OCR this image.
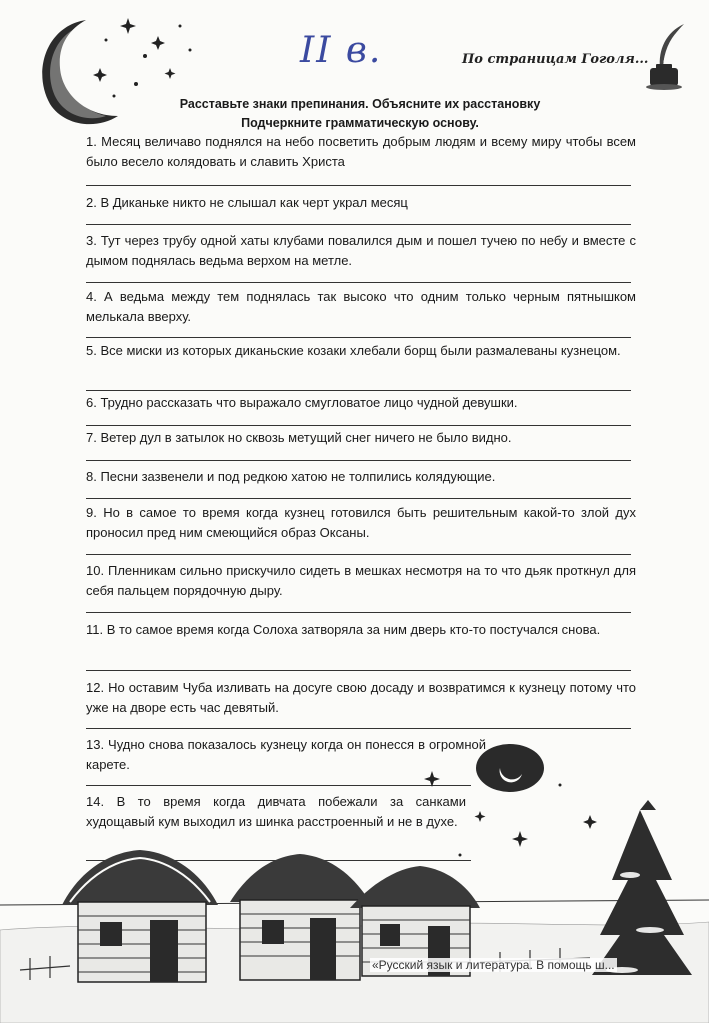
II в.	По страницам Гоголя...
Расставьте знаки препинания. Объясните их расстановку
Подчеркните грамматическую основу.
1. Месяц величаво поднялся на небо посветить добрым людям и всему миру чтобы всем было весело колядовать и славить Христа
2. В Диканьке никто не слышал как черт украл месяц
3. Тут через трубу одной хаты клубами повалился дым и пошел тучею по небу и вместе с дымом поднялась ведьма верхом на метле.
4. А ведьма между тем поднялась так высоко что одним только черным пятнышком мелькала вверху.
5. Все миски из которых диканьские козаки хлебали борщ были размалеваны кузнецом.
6. Трудно рассказать что выражало смугловатое лицо чудной девушки.
7. Ветер дул в затылок но сквозь метущий снег ничего не было видно.
8. Песни зазвенели и под редкою хатою не толпились колядующие.
9. Но в самое то время когда кузнец готовился быть решительным какой-то злой дух проносил пред ним смеющийся образ Оксаны.
10. Пленникам сильно прискучило сидеть в мешках несмотря на то что дьяк проткнул для себя пальцем порядочную дыру.
11. В то самое время когда Солоха затворяла за ним дверь кто-то постучался снова.
12. Но оставим Чуба изливать на досуге свою досаду и возвратимся к кузнецу потому что уже на дворе есть час девятый.
13. Чудно снова показалось кузнецу когда он понесся в огромной карете.
14. В то время когда дивчата побежали за санками худощавый кум выходил из шинка расстроенный и не в духе.
«Русский язык и литература. В помощь ш...
